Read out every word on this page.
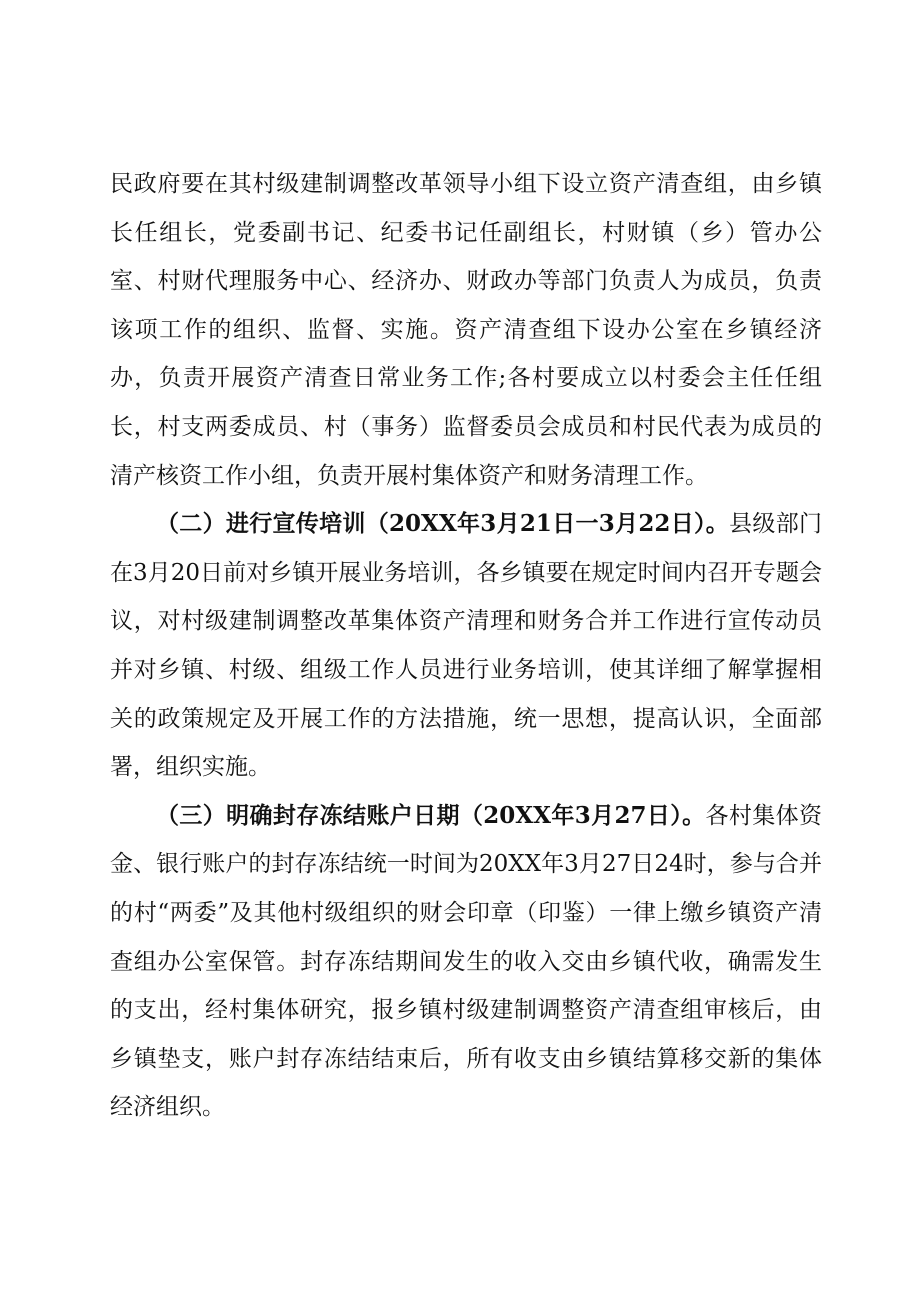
民政府要在其村级建制调整改革领导小组下设立资产清查组，由乡镇长任组长，党委副书记、纪委书记任副组长，村财镇（乡）管办公室、村财代理服务中心、经济办、财政办等部门负责人为成员，负责该项工作的组织、监督、实施。资产清查组下设办公室在乡镇经济办，负责开展资产清查日常业务工作;各村要成立以村委会主任任组长，村支两委成员、村（事务）监督委员会成员和村民代表为成员的清产核资工作小组，负责开展村集体资产和财务清理工作。

（二）进行宣传培训（20XX年3月21日一3月22日）。县级部门在3月20日前对乡镇开展业务培训，各乡镇要在规定时间内召开专题会议，对村级建制调整改革集体资产清理和财务合并工作进行宣传动员并对乡镇、村级、组级工作人员进行业务培训，使其详细了解掌握相关的政策规定及开展工作的方法措施，统一思想，提高认识，全面部署，组织实施。

（三）明确封存冻结账户日期（20XX年3月27日）。各村集体资金、银行账户的封存冻结统一时间为20XX年3月27日24时，参与合并的村“两委”及其他村级组织的财会印章（印鉴）一律上缴乡镇资产清查组办公室保管。封存冻结期间发生的收入交由乡镇代收，确需发生的支出，经村集体研究，报乡镇村级建制调整资产清查组审核后，由乡镇垫支，账户封存冻结结束后，所有收支由乡镇结算移交新的集体经济组织。
